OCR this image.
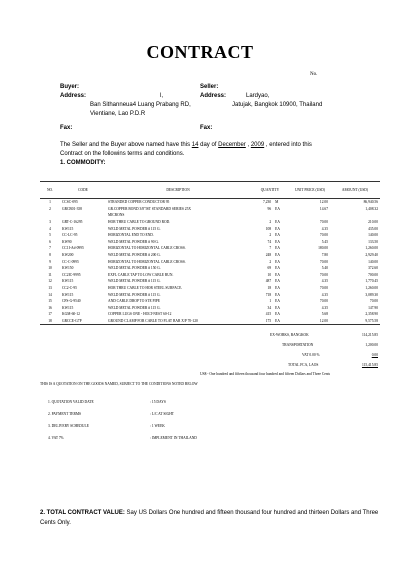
CONTRACT
No.
Buyer:	Seller:
Address:	l,	Address:	Lardyao,
Ban Sithanneua4 Luang Prabang RD,	Jatujak, Bangkok 10900, Thailand
Vientiane, Lao P.D.R
Fax:	Fax:
The Seller and the Buyer above named have this 14 day of December , 2009 , entered into this
Contract on the followins terms and conditions.
1. COMMODITY:
NO.	CODE	DESCRIPTION	QUANTITY		UNIT PRICE (USD)	AMOUNT (USD)
1	CCSC-095	STRANDED COPPER CONDUCTOR 95	7,230	M	12.00	86,940.56
2	GRCB01-358	GR.COPPER BOND 3/8"IST STANDARD SERIES 25X	96	EA	14.67	1,408.32
		MICRONS				
3	GRT-C-16295	HOR THRU CABLE TO GROUND ROD.	2	EA	70.00	210.00
4	KW115	WELD METAL POWDER # 115 G.	108	EA	4.35	435.00
5	CC-LC-95	HORIZONTAL END TO END.	2	EA	70.00	140.00
6	KW90	WELD METAL POWDER # 90 G.	74	EA	5.45	133.50
7	CC1I-Ad-0995	HORIZONTAL TO HORIZONTAL CABLE CROSS.	7	EA	180.00	1,260.00
8	KW200	WELD METAL POWDER # 200 G.	248	EA	7.80	2,929.40
9	CC-C-0995	HORIZONTAL TO HORIZONTAL CABLE CROSS.	2	EA	70.00	140.00
10	KW150	WELD METAL POWDER # 150 G.	69	EA	5.40	372.60
11	CC2IC-9995	EXFL CABLE TAP TO LOW CABLE RUN.	10	EA	70.00	700.00
12	KW115	WELD METAL POWDER # 115 G.	487	EA	4.35	1,770.45
13	CC2-C-95	HOR THRU CABLE TO HOR STEEL SURFACE.	18	EA	70.00	1,260.00
14	KW115	WELD METAL POWDER # 115 G.	718	EA	4.35	3,089.30
15	CFS-G-9540	AND CABLE DROP TO STE PIPE	1	EA	70.00	70.00
16	KW115	WELD METAL POWDER # 115 G.	34	EA	4.35	147.90
17	KGM-60-12	COPPER LUGS ONE - HOLT-NEST 60-12	415	EA	5.68	2,358.90
18	GRCCE-G7P	GROUND CLAMP FOR CABLE TO FLAT BAR X/P 70-120	175	EA	12.00	9,575.58
EX-WORKS, BANGKOK	114,215.85
TRANSPORTATION	1,200.00
VAT 0.00 %	0.00
TOTAL FCA, LAOS	115,415.85
US$ - One hundred and fifteen thousand four hundred and fifteen Dollars and Three Cents
THIS IS A QUOTATION ON THE GOODS NAMED, SUBJECT TO THE CONDITIONS NOTED BELOW
1. QUOTATION VALID DATE	: 15 DAYS
2. PAYMENT TERMS	: L/C AT SIGHT
3. DELIVERY SCHEDULE	: 1 WEEK
4. VAT 7%	: IMPLEMENT IN THAILAND
2. TOTAL CONTRACT VALUE: Say US Dollars One hundred and fifteen thousand four hundred and thirteen Dollars and Three Cents Only.
